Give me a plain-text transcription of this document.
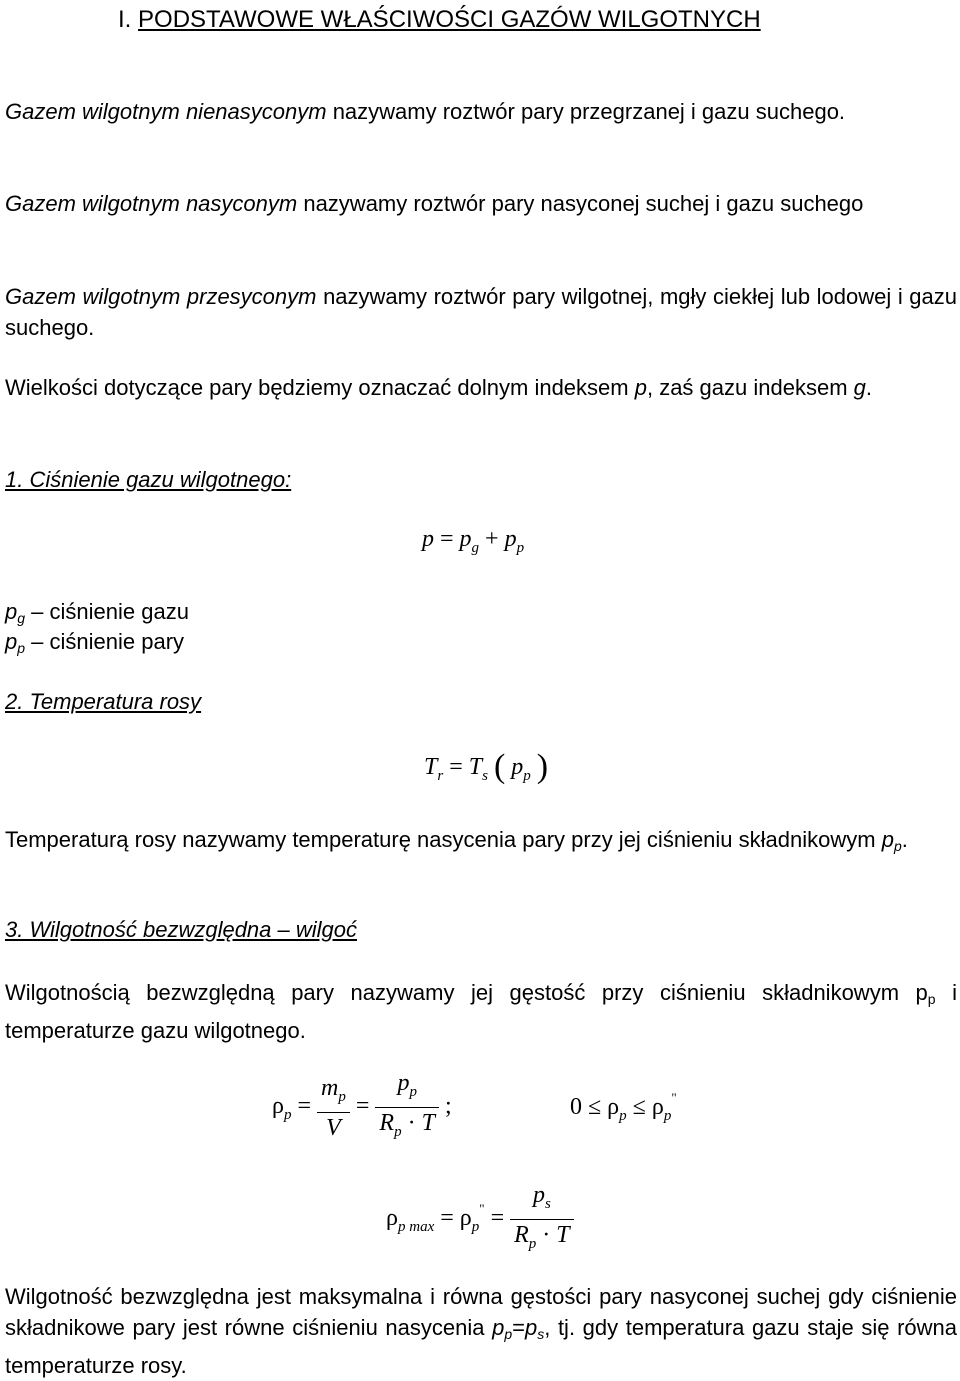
I. PODSTAWOWE WŁAŚCIWOŚCI GAZÓW WILGOTNYCH
Gazem wilgotnym nienasyconym nazywamy roztwór pary przegrzanej i gazu suchego.
Gazem wilgotnym nasyconym nazywamy roztwór pary nasyconej suchej i gazu suchego
Gazem wilgotnym przesyconym nazywamy roztwór pary wilgotnej, mgły ciekłej lub lodowej i gazu suchego.
Wielkości dotyczące pary będziemy oznaczać dolnym indeksem p, zaś gazu indeksem g.
1. Ciśnienie gazu wilgotnego:
$p = p_g + p_p$
$p_g$ – ciśnienie gazu
$p_p$ – ciśnienie pary
2. Temperatura rosy
$T_r = T_s$ ( $p_p$ )
Temperaturą rosy nazywamy temperaturę nasycenia pary przy jej ciśnieniu składnikowym $p_p$.
3. Wilgotność bezwzględna – wilgoć
Wilgotnością bezwzględną pary nazywamy jej gęstość przy ciśnieniu składnikowym $p_p$ i temperaturze gazu wilgotnego.
$\rho_p = \frac{m_p}{V} = \frac{p_p}{R_p \cdot T}$ ;	$0 \le \rho_p \le \rho_p^"$
$\rho_{p max} = \rho_p^" = \frac{p_s}{R_p \cdot T}$
Wilgotność bezwzględna jest maksymalna i równa gęstości pary nasyconej suchej gdy ciśnienie składnikowe pary jest równe ciśnieniu nasycenia $p_p=p_s$, tj. gdy temperatura gazu staje się równa temperaturze rosy.
